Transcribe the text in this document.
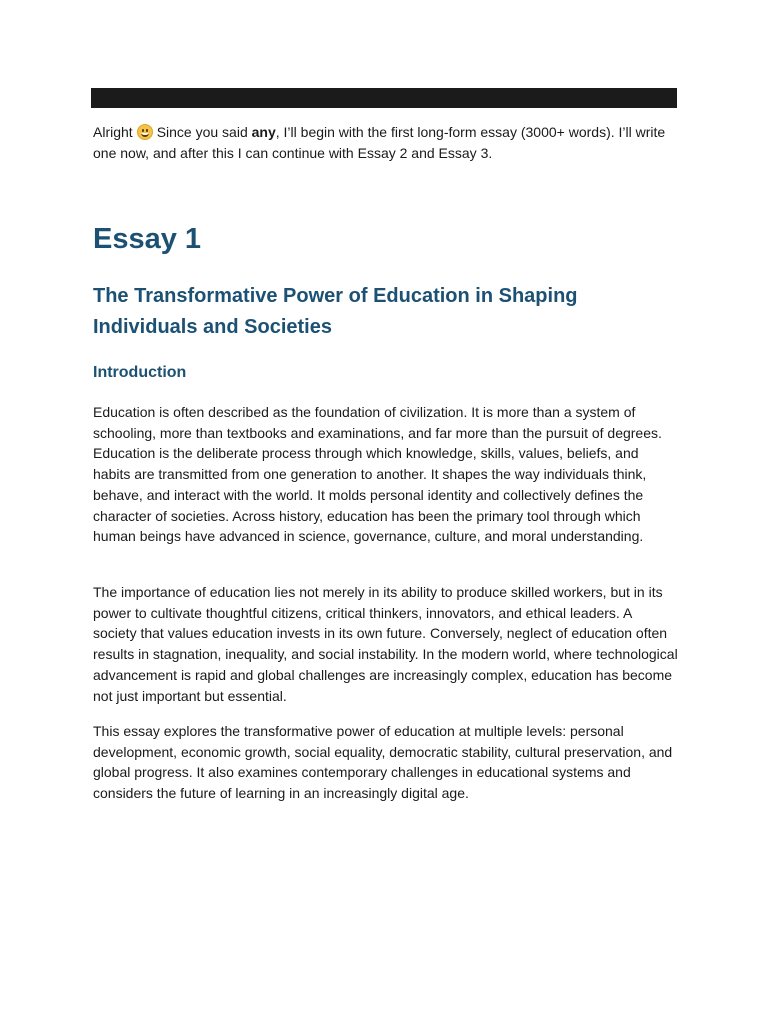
Alright Since you said any, I’ll begin with the first long-form essay (3000+ words). I’ll write one now, and after this I can continue with Essay 2 and Essay 3.

Essay 1
The Transformative Power of Education in Shaping Individuals and Societies
Introduction

Education is often described as the foundation of civilization. It is more than a system of schooling, more than textbooks and examinations, and far more than the pursuit of degrees. Education is the deliberate process through which knowledge, skills, values, beliefs, and habits are transmitted from one generation to another. It shapes the way individuals think, behave, and interact with the world. It molds personal identity and collectively defines the character of societies. Across history, education has been the primary tool through which human beings have advanced in science, governance, culture, and moral understanding.

The importance of education lies not merely in its ability to produce skilled workers, but in its power to cultivate thoughtful citizens, critical thinkers, innovators, and ethical leaders. A society that values education invests in its own future. Conversely, neglect of education often results in stagnation, inequality, and social instability. In the modern world, where technological advancement is rapid and global challenges are increasingly complex, education has become not just important but essential.

This essay explores the transformative power of education at multiple levels: personal development, economic growth, social equality, democratic stability, cultural preservation, and global progress. It also examines contemporary challenges in educational systems and considers the future of learning in an increasingly digital age.
